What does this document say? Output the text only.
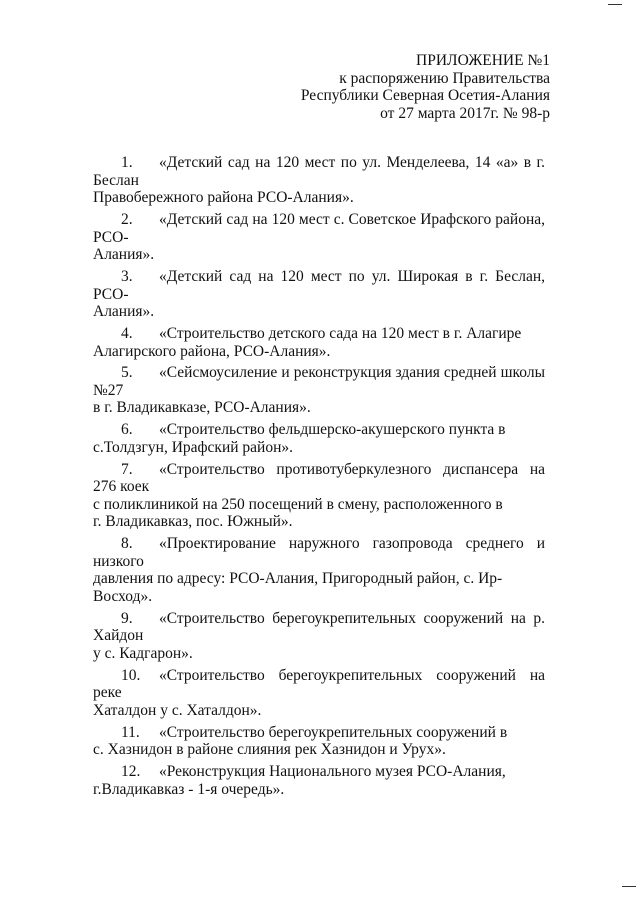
ПРИЛОЖЕНИЕ №1
к распоряжению Правительства
Республики Северная Осетия-Алания
от 27 марта 2017г. № 98-р
1. «Детский сад на 120 мест по ул. Менделеева, 14 «а» в г. Беслан
Правобережного района РСО-Алания».
2. «Детский сад на 120 мест с. Советское Ирафского района, РСО-
Алания».
3. «Детский сад на 120 мест по ул. Широкая в г. Беслан, РСО-
Алания».
4. «Строительство детского сада на 120 мест в г. Алагире
Алагирского района, РСО-Алания».
5. «Сейсмоусиление и реконструкция здания средней школы №27
в г. Владикавказе, РСО-Алания».
6. «Строительство фельдшерско-акушерского пункта в
с.Толдзгун, Ирафский район».
7. «Строительство противотуберкулезного диспансера на 276 коек
с поликлиникой на 250 посещений в смену, расположенного в
г. Владикавказ, пос. Южный».
8. «Проектирование наружного газопровода среднего и низкого
давления по адресу: РСО-Алания, Пригородный район, с. Ир-Восход».
9. «Строительство берегоукрепительных сооружений на р. Хайдон
у с. Кадгарон».
10. «Строительство берегоукрепительных сооружений на реке
Хаталдон у с. Хаталдон».
11. «Строительство берегоукрепительных сооружений в
с. Хазнидон в районе слияния рек Хазнидон и Урух».
12. «Реконструкция Национального музея РСО-Алания,
г.Владикавказ - 1-я очередь».
